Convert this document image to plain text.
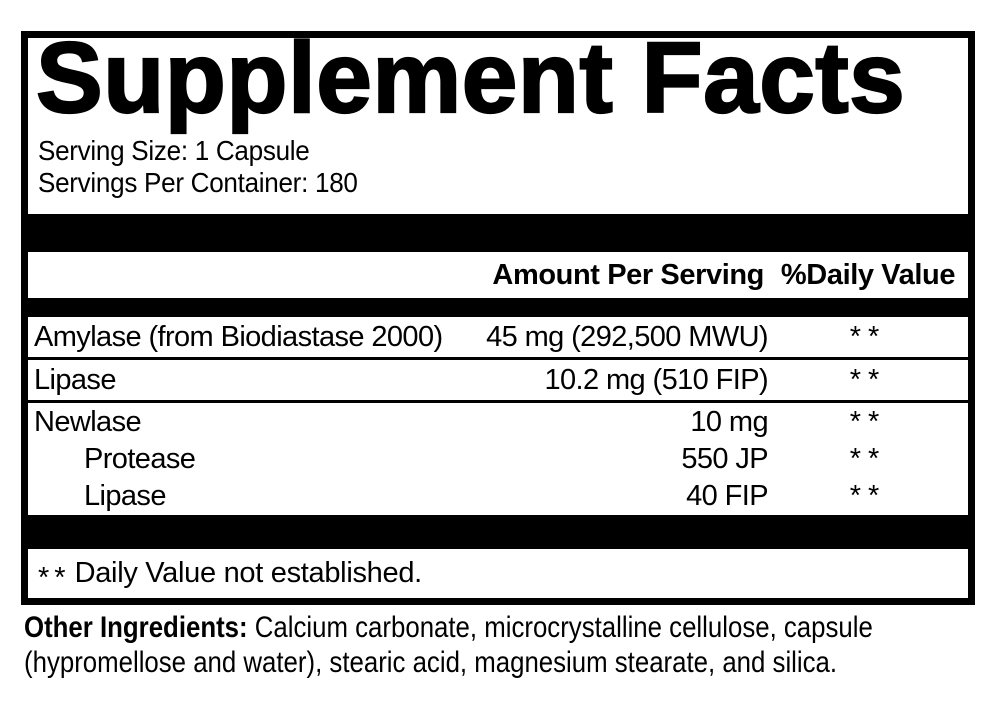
Supplement Facts
Serving Size: 1 Capsule
Servings Per Container: 180
Amount Per Serving %Daily Value
Amylase (from Biodiastase 2000)	45 mg (292,500 MWU)	**
Lipase	10.2 mg (510 FIP)	**
Newlase	10 mg	**
Protease	550 JP	**
Lipase	40 FIP	**
** Daily Value not established.

Other Ingredients: Calcium carbonate, microcrystalline cellulose, capsule (hypromellose and water), stearic acid, magnesium stearate, and silica.
